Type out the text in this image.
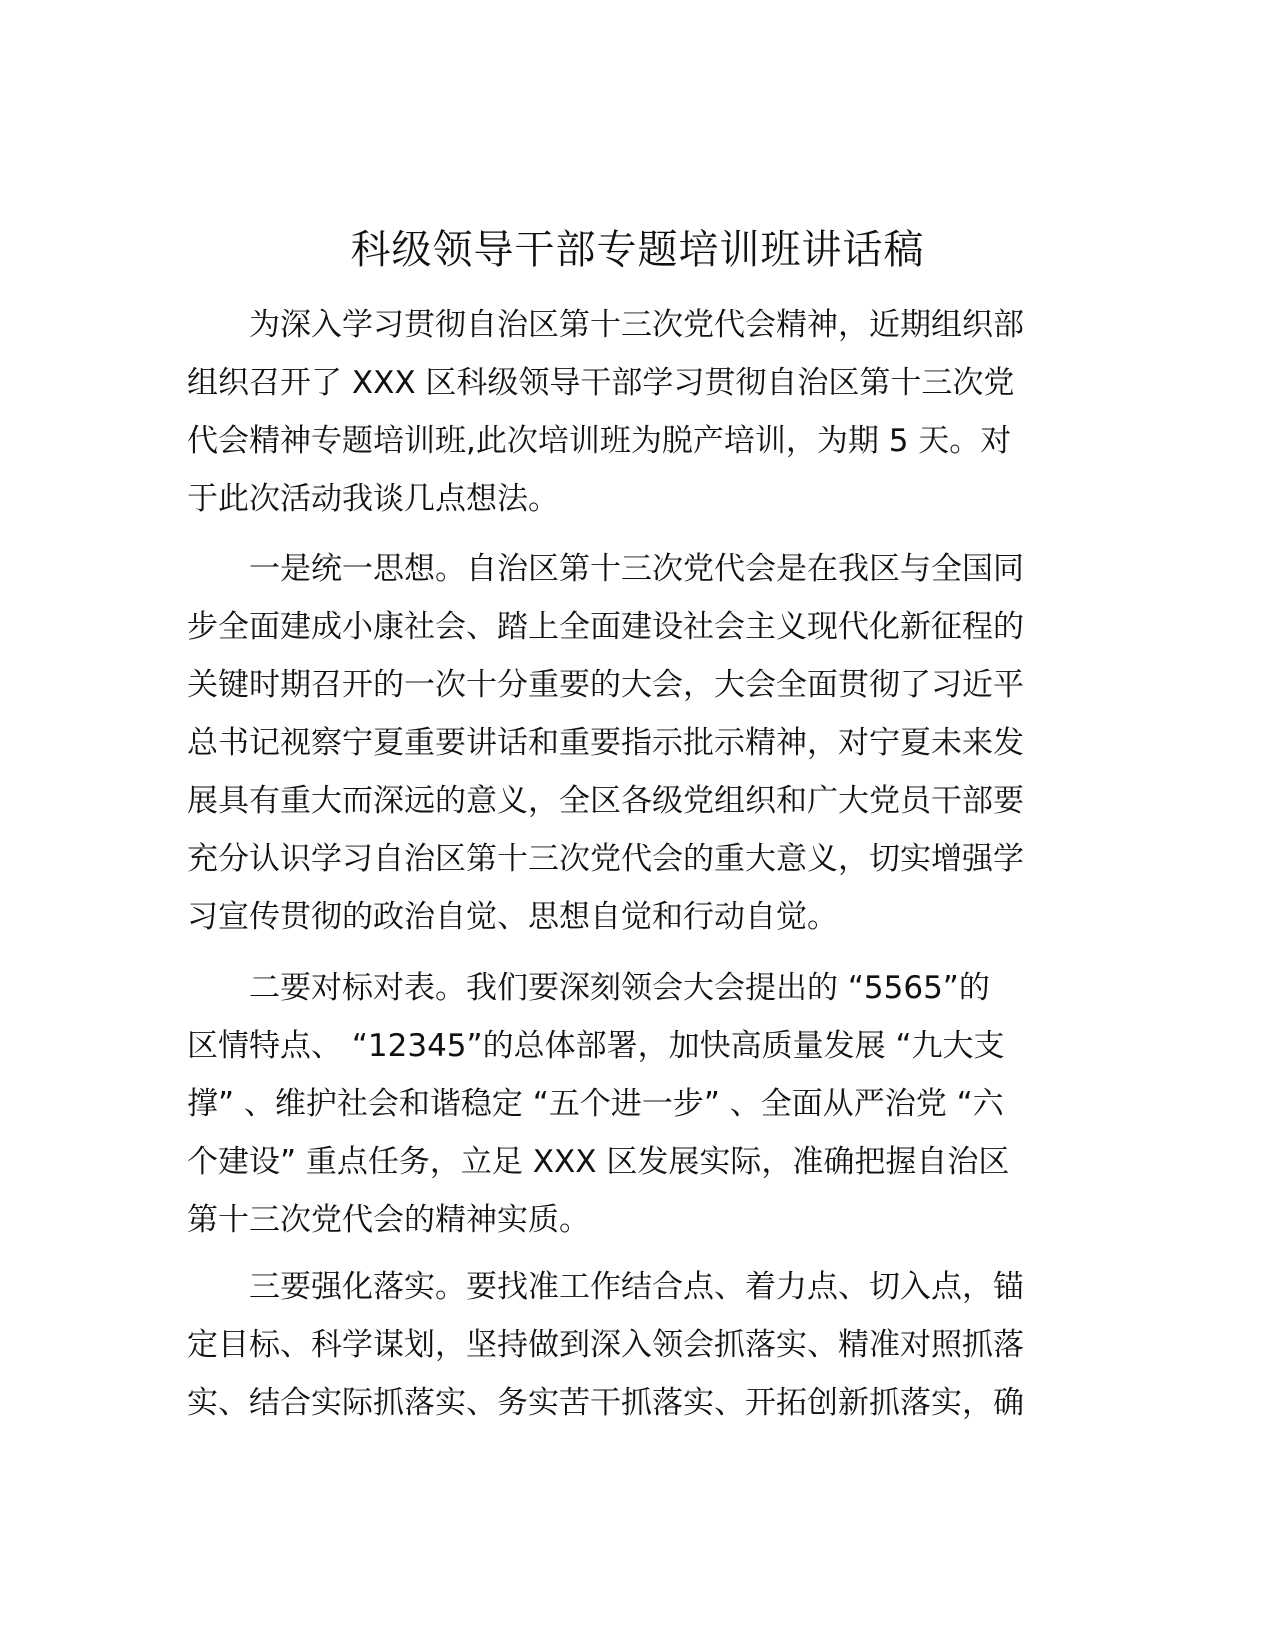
科级领导干部专题培训班讲话稿
　　为深入学习贯彻自治区第十三次党代会精神，近期组织部
组织召开了 XXX 区科级领导干部学习贯彻自治区第十三次党
代会精神专题培训班,此次培训班为脱产培训，为期 5 天。对
于此次活动我谈几点想法。
　　一是统一思想。自治区第十三次党代会是在我区与全国同
步全面建成小康社会、踏上全面建设社会主义现代化新征程的
关键时期召开的一次十分重要的大会，大会全面贯彻了习近平
总书记视察宁夏重要讲话和重要指示批示精神，对宁夏未来发
展具有重大而深远的意义，全区各级党组织和广大党员干部要
充分认识学习自治区第十三次党代会的重大意义，切实增强学
习宣传贯彻的政治自觉、思想自觉和行动自觉。
　　二要对标对表。我们要深刻领会大会提出的 “5565”的
区情特点、 “12345”的总体部署，加快高质量发展 “九大支
撑” 、维护社会和谐稳定 “五个进一步” 、全面从严治党 “六
个建设” 重点任务，立足 XXX 区发展实际，准确把握自治区
第十三次党代会的精神实质。
　　三要强化落实。要找准工作结合点、着力点、切入点，锚
定目标、科学谋划，坚持做到深入领会抓落实、精准对照抓落
实、结合实际抓落实、务实苦干抓落实、开拓创新抓落实，确
